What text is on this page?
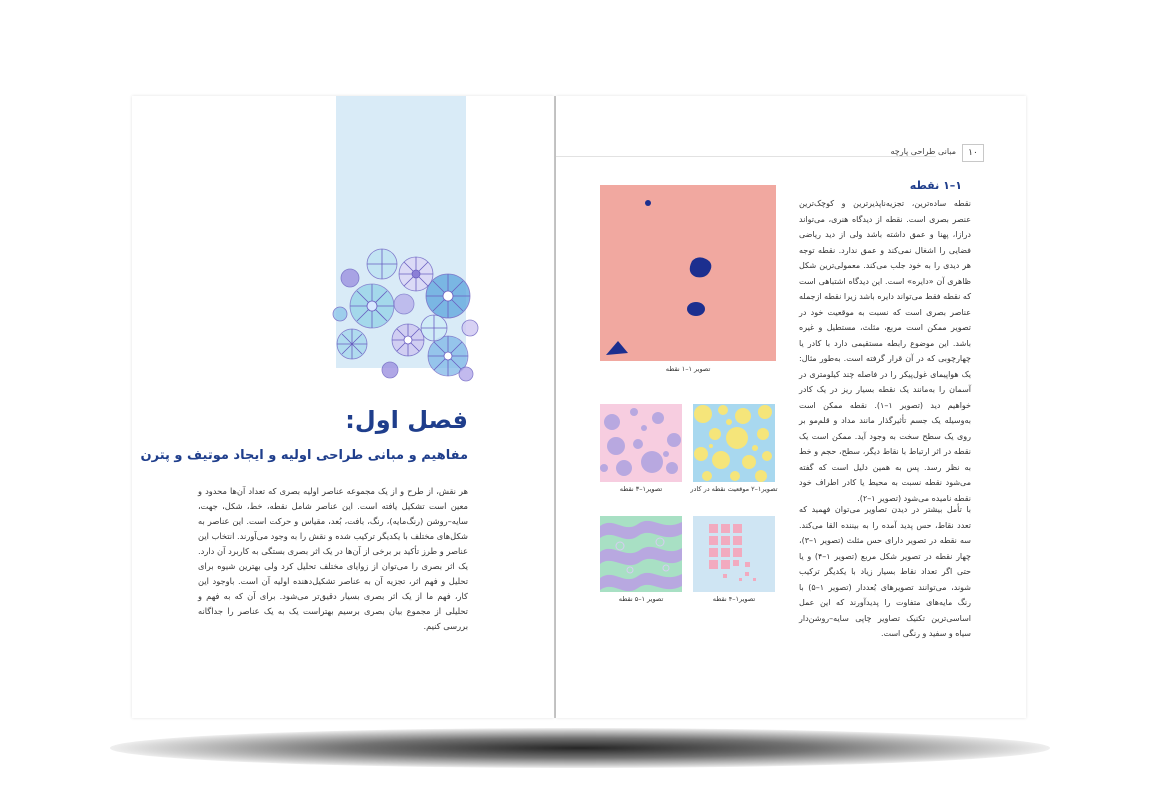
فصل اول:
مفاهیم و مبانی طراحی اولیه و ایجاد موتیف و پترن

هر نقش، از طرح و از یک مجموعه عناصر اولیه بصری که تعداد آن‌ها محدود و معین است تشکیل یافته است. این عناصر شامل نقطه، خط، شکل، جهت، سایه–روشن (رنگ‌مایه)، رنگ، بافت، بُعد، مقیاس و حرکت است. این عناصر به شکل‌های مختلف با یکدیگر ترکیب شده و نقش را به وجود می‌آورند. انتخاب این عناصر و طرز تأکید بر برخی از آن‌ها در یک اثر بصری بستگی به کاربرد آن دارد. یک اثر بصری را می‌توان از زوایای مختلف تحلیل کرد ولی بهترین شیوه برای تحلیل و فهم اثر، تجزیه آن به عناصر تشکیل‌دهنده اولیه آن است. باوجود این کار، فهم ما از یک اثر بصری بسیار دقیق‌تر می‌شود. برای آن که به فهم و تحلیلی از مجموع بیان بصری برسیم بهتراست یک به یک عناصر را جداگانه بررسی کنیم.

۱۰
مبانی طراحی پارچه
۱–۱ نقطه

نقطه ساده‌ترین، تجزیه‌ناپذیرترین و کوچک‌ترین عنصر بصری است. نقطه از دیدگاه هنری، می‌تواند درازا، پهنا و عمق داشته باشد ولی از دید ریاضی فضایی را اشغال نمی‌کند و عمق ندارد. نقطه توجه هر دیدی را به خود جلب می‌کند. معمولی‌ترین شکل ظاهری آن «دایره» است. این دیدگاه اشتباهی است که نقطه فقط می‌تواند دایره باشد زیرا نقطه ازجمله عناصر بصری است که نسبت به موقعیت خود در تصویر ممکن است مربع، مثلث، مستطیل و غیره باشد. این موضوع رابطه مستقیمی دارد با کادر یا چهارچوبی که در آن قرار گرفته است. به‌طور مثال: یک هواپیمای غول‌پیکر را در فاصله چند کیلومتری در آسمان را به‌مانند یک نقطه بسیار ریز در یک کادر خواهیم دید (تصویر ۱–۱). نقطه ممکن است به‌وسیله یک جسم تأثیرگذار مانند مداد و قلم‌مو بر روی یک سطح سخت به وجود آید. ممکن است یک نقطه در اثر ارتباط با نقاط دیگر، سطح، حجم و خط به نظر رسد. پس به همین دلیل است که گفته می‌شود نقطه نسبت به محیط یا کادر اطراف خود نقطه نامیده می‌شود (تصویر ۱–۲).

با تأمل بیشتر در دیدن تصاویر می‌توان فهمید که تعدد نقاط، حس پدید آمده را به بیننده القا می‌کند. سه نقطه در تصویر دارای حس مثلث (تصویر ۱–۳)، چهار نقطه در تصویر شکل مربع (تصویر ۱–۴) و یا حتی اگر تعداد نقاط بسیار زیاد با یکدیگر ترکیب شوند، می‌توانند تصویرهای بُعددار (تصویر ۱–۵) با رنگ مایه‌های متفاوت را پدیدآورند که این عمل اساسی‌ترین تکنیک تصاویر چاپی سایه–روشن‌دار سیاه و سفید و رنگی است.

تصویر ۱–۱ نقطه
تصویر۱–۲ موقعیت نقطه در کادر
تصویر۱–۳ نقطه
تصویر۱–۴ نقطه
تصویر ۱–۵ نقطه
